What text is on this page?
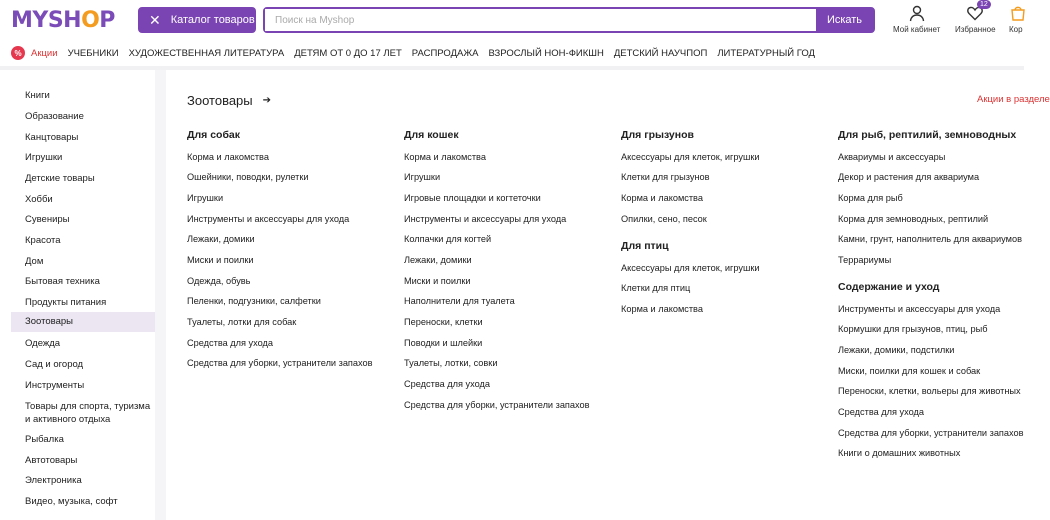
MYSH O P ✕ Каталог товаров
Поиск на Myshop	Искать
Мой кабинет Избранное
12
Кор
% Акции УЧЕБНИКИ ХУДОЖЕСТВЕННАЯ ЛИТЕРАТУРА ДЕТЯМ ОТ 0 ДО 17 ЛЕТ РАСПРОДАЖА ВЗРОСЛЫЙ НОН-ФИКШН ДЕТСКИЙ НАУЧПОП ЛИТЕРАТУРНЫЙ ГОД
Книги
Образование
Канцтовары
Игрушки
Детские товары
Хобби
Сувениры
Красота
Дом
Бытовая техника
Продукты питания
Зоотовары
Одежда
Сад и огород
Инструменты
Товары для спорта, туризма и активного отдыха
Рыбалка
Автотовары
Электроника
Видео, музыка, софт
Зоотовары ➔	Акции в разделе
Для собак
Корма и лакомства
Ошейники, поводки, рулетки
Игрушки
Инструменты и аксессуары для ухода
Лежаки, домики
Миски и поилки
Одежда, обувь
Пеленки, подгузники, салфетки
Туалеты, лотки для собак
Средства для ухода
Средства для уборки, устранители запахов
Для кошек
Корма и лакомства
Игрушки
Игровые площадки и когтеточки
Инструменты и аксессуары для ухода
Колпачки для когтей
Лежаки, домики
Миски и поилки
Наполнители для туалета
Переноски, клетки
Поводки и шлейки
Туалеты, лотки, совки
Средства для ухода
Средства для уборки, устранители запахов
Для грызунов
Аксессуары для клеток, игрушки
Клетки для грызунов
Корма и лакомства
Опилки, сено, песок
Для птиц
Аксессуары для клеток, игрушки
Клетки для птиц
Корма и лакомства
Для рыб, рептилий, земноводных
Аквариумы и аксессуары
Декор и растения для аквариума
Корма для рыб
Корма для земноводных, рептилий
Камни, грунт, наполнитель для аквариумов
Террариумы
Содержание и уход
Инструменты и аксессуары для ухода
Кормушки для грызунов, птиц, рыб
Лежаки, домики, подстилки
Миски, поилки для кошек и собак
Переноски, клетки, вольеры для животных
Средства для ухода
Средства для уборки, устранители запахов
Книги о домашних животных
